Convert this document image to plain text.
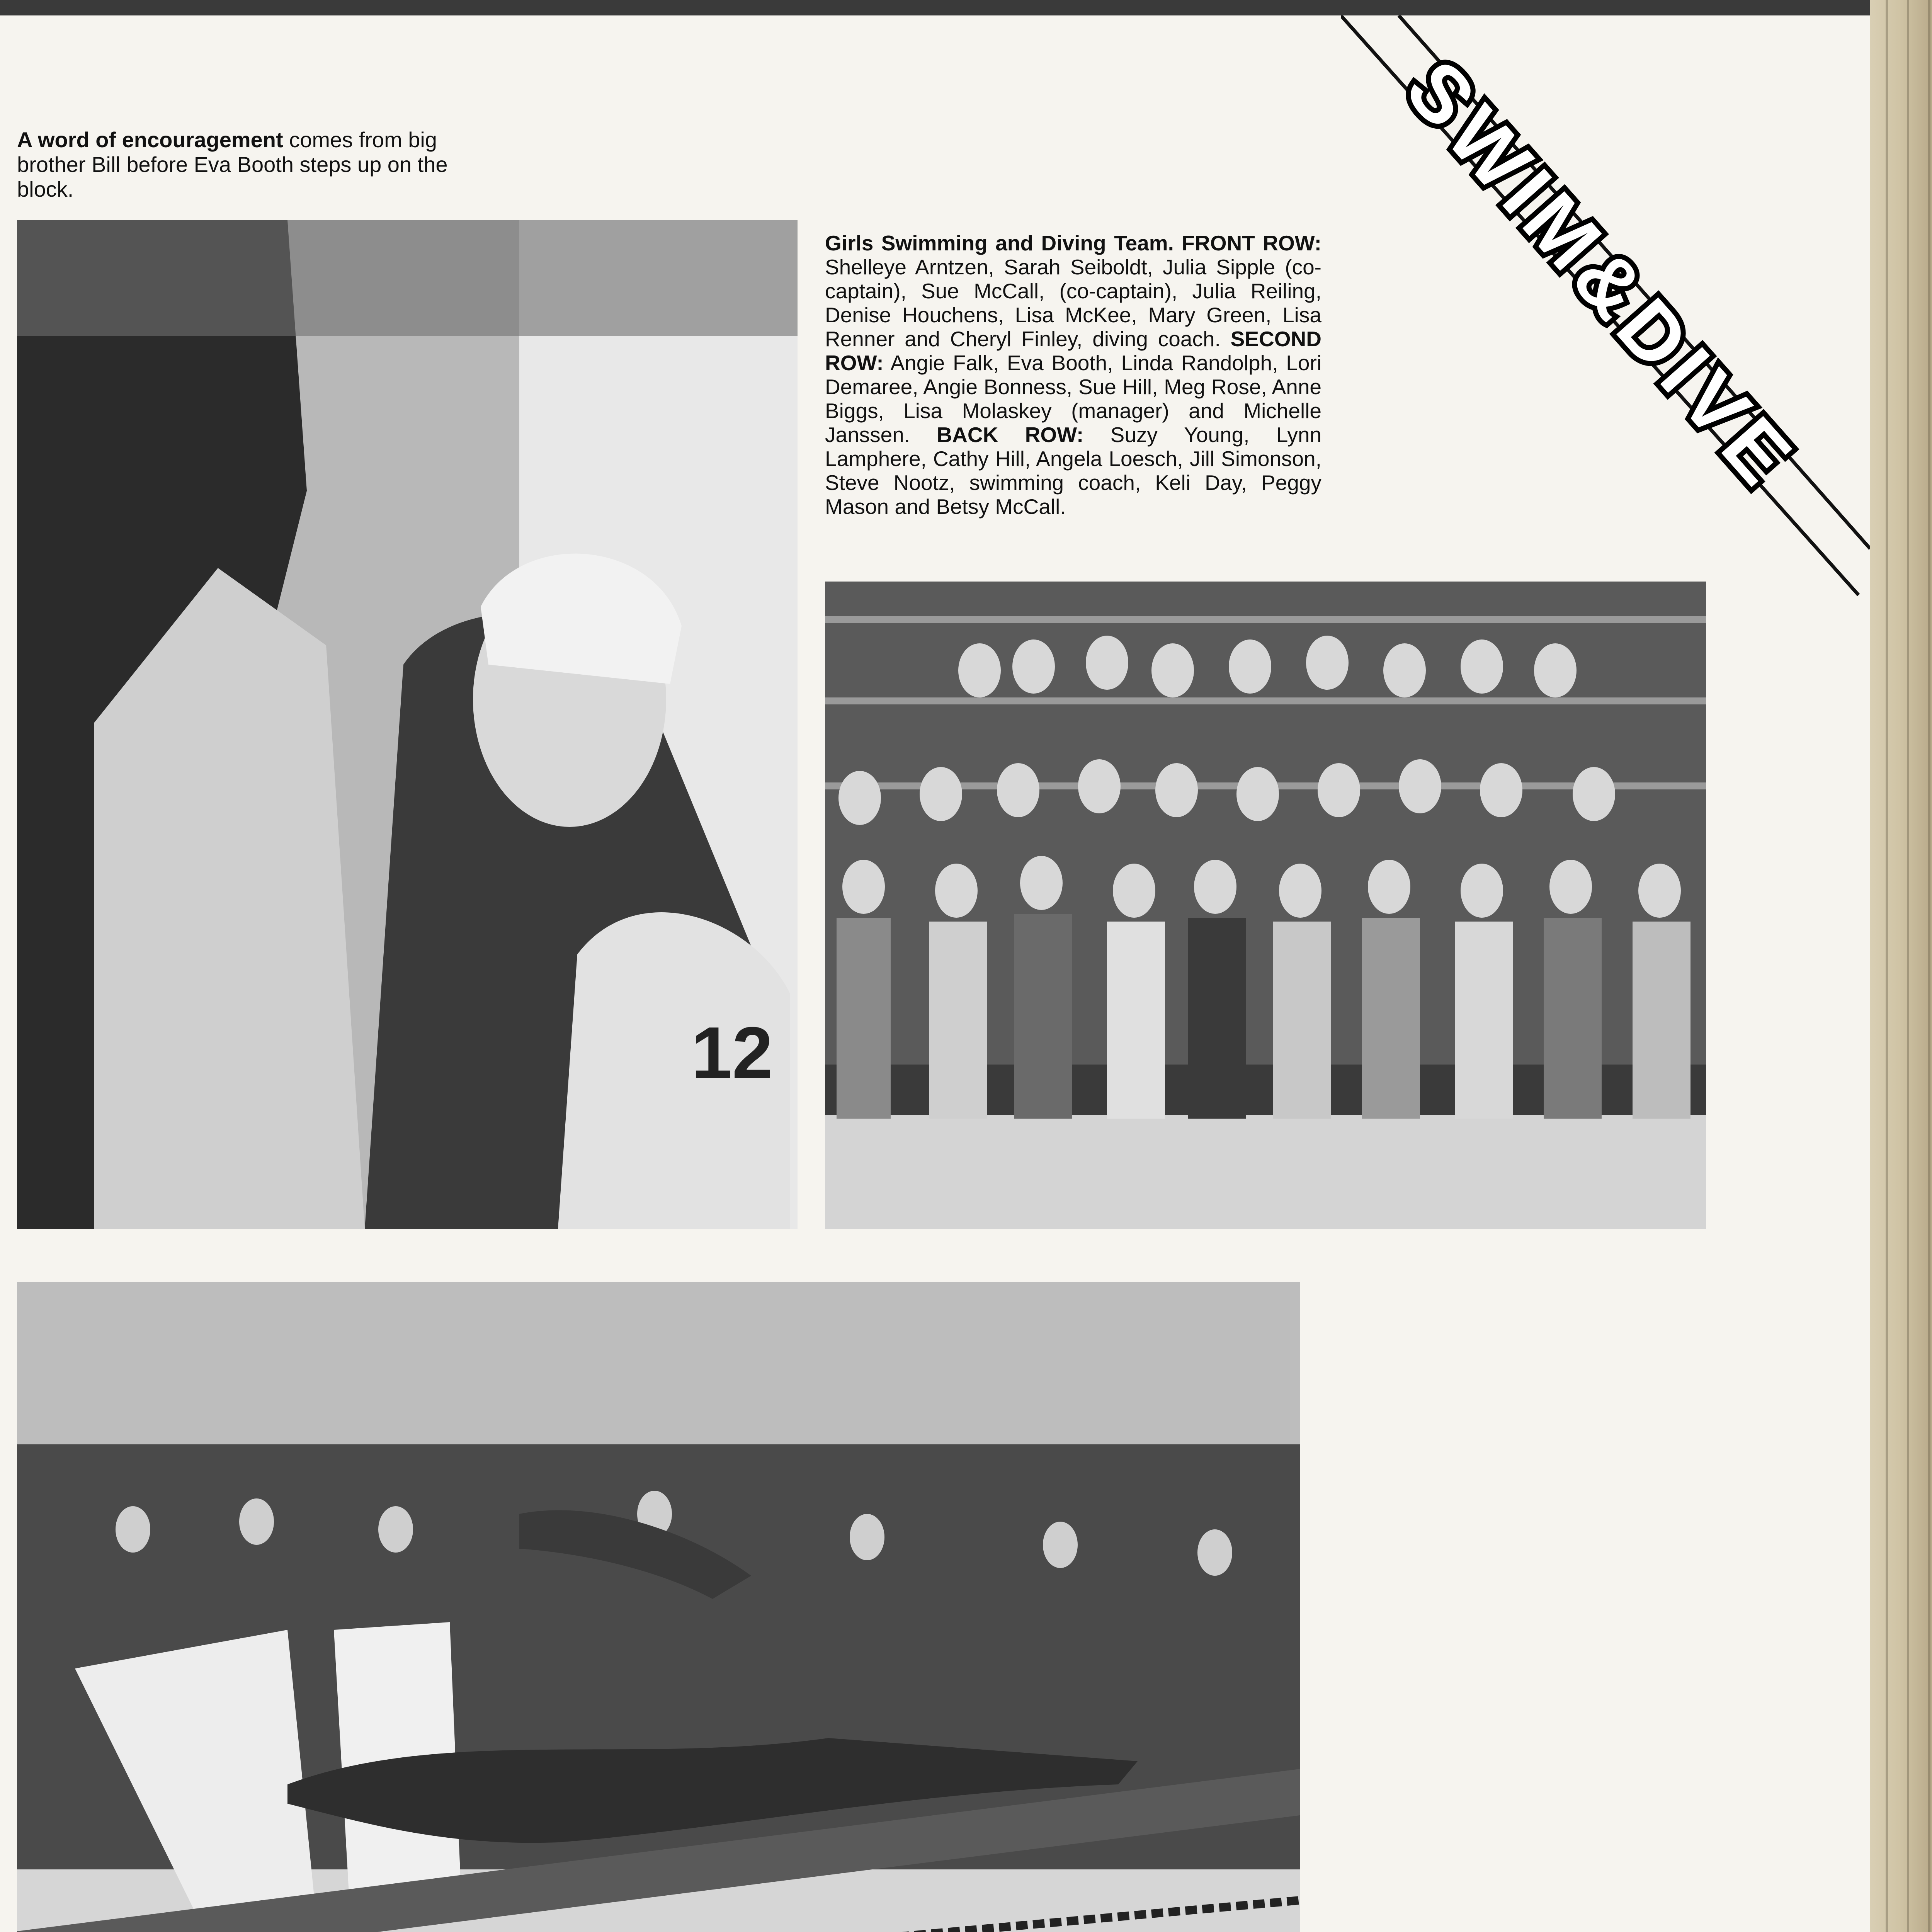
SWIM&DIVE
A word of encouragement comes from big brother Bill before Eva Booth steps up on the block.
12
Girls Swimming and Diving Team. FRONT ROW: Shelleye Arntzen, Sarah Seiboldt, Julia Sipple (co-captain), Sue McCall, (co-captain), Julia Reiling, Denise Houchens, Lisa McKee, Mary Green, Lisa Renner and Cheryl Finley, diving coach. SECOND ROW: Angie Falk, Eva Booth, Linda Randolph, Lori Demaree, Angie Bonness, Sue Hill, Meg Rose, Anne Biggs, Lisa Molaskey (manager) and Michelle Janssen. BACK ROW: Suzy Young, Lynn Lamphere, Cathy Hill, Angela Loesch, Jill Simonson, Steve Nootz, swimming coach, Keli Day, Peggy Mason and Betsy McCall.
